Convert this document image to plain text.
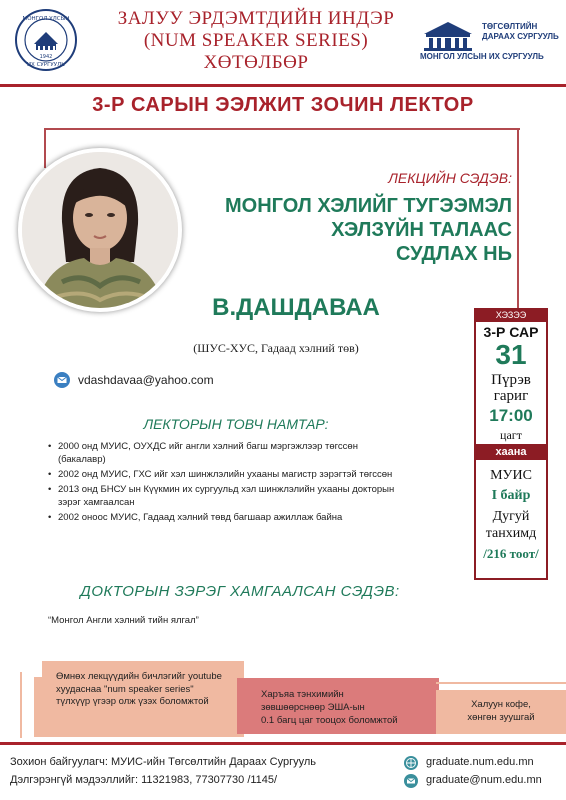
МОНГОЛ УЛСЫН
ИХ СУРГУУЛЬ
1942
ЗАЛУУ ЭРДЭМТДИЙН ИНДЭР
(NUM SPEAKER SERIES)
ХӨТӨЛБӨР
ТӨГСӨЛТИЙН
ДАРААХ СУРГУУЛЬ
МОНГОЛ УЛСЫН ИХ СУРГУУЛЬ
3-Р САРЫН ЭЭЛЖИТ ЗОЧИН ЛЕКТОР
ЛЕКЦИЙН СЭДЭВ:
МОНГОЛ ХЭЛИЙГ ТУГЭЭМЭЛ
ХЭЛЗҮЙН ТАЛААС
СУДЛАХ НЬ
В.ДАШДАВАА
(ШУС-ХУС, Гадаад хэлний төв)
vdashdavaa@yahoo.com
ЛЕКТОРЫН ТОВЧ НАМТАР:
• 2000 онд МУИС, ОУХДС ийг англи хэлний багш мэргэжлээр төгссөн (бакалавр)
• 2002 онд МУИС, ГХС ийг хэл шинжлэлийн ухааны магистр зэрэгтэй төгссөн
• 2013 онд БНСУ ын Күүкмин их сургуульд хэл шинжлэлийн ухааны докторын зэрэг хамгаалсан
• 2002 оноос МУИС, Гадаад хэлний төвд багшаар ажиллаж байна
ДОКТОРЫН ЗЭРЭГ ХАМГААЛСАН СЭДЭВ:
“Монгол Англи хэлний тийн ялгал”
ХЭЗЭЭ
3-Р САР
31
Пүрэв
гариг
17:00
цагт
хаана
МУИС
I байр
Дугуй
танхимд
/216 тоот/
Өмнөх лекцүүдийн бичлэгийг youtube хуудаснаа "num speaker series" түлхүүр үгээр олж үзэх боломжтой
Харъяа тэнхимийн
зөвшөөрснөөр ЭША-ын
0.1 багц цаг тооцох боломжтой
Халуун кофе,
хөнгөн зуушгай
Зохион байгуулагч: МУИС-ийн Төгсөлтийн Дараах Сургууль
Дэлгэрэнгүй мэдээллийг: 11321983, 77307730 /1145/
graduate.num.edu.mn
graduate@num.edu.mn
